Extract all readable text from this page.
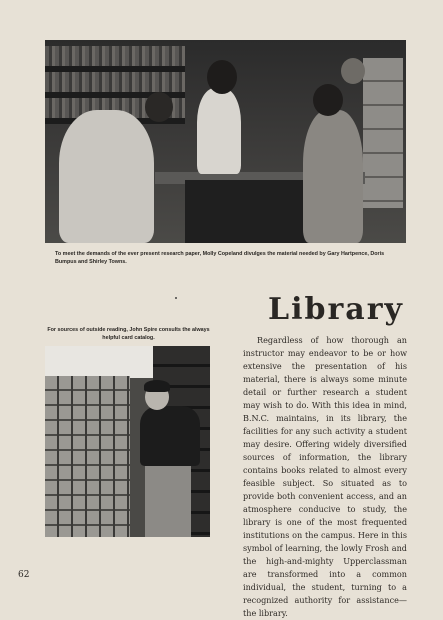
To meet the demands of the ever present research paper, Molly Copeland divulges the material needed by Gary Hartpence, Doris Bumpus and Shirley Towns.
Library
For sources of outside reading, John Spire consults the always helpful card catalog.	Regardless of how thorough an instructor may endeavor to be or how extensive the presentation of his material, there is always some minute detail or further research a student may wish to do. With this idea in mind, B.N.C. maintains, in its library, the facilities for any such activity a student may desire. Offering widely diversified sources of information, the library contains books related to almost every feasible subject. So situated as to provide both convenient access, and an atmosphere conducive to study, the library is one of the most frequented institutions on the campus. Here in this symbol of learning, the lowly Frosh and the high-and-mighty Upperclassman are transformed into a common individual, the student, turning to a recognized authority for assistance—the library.
62
